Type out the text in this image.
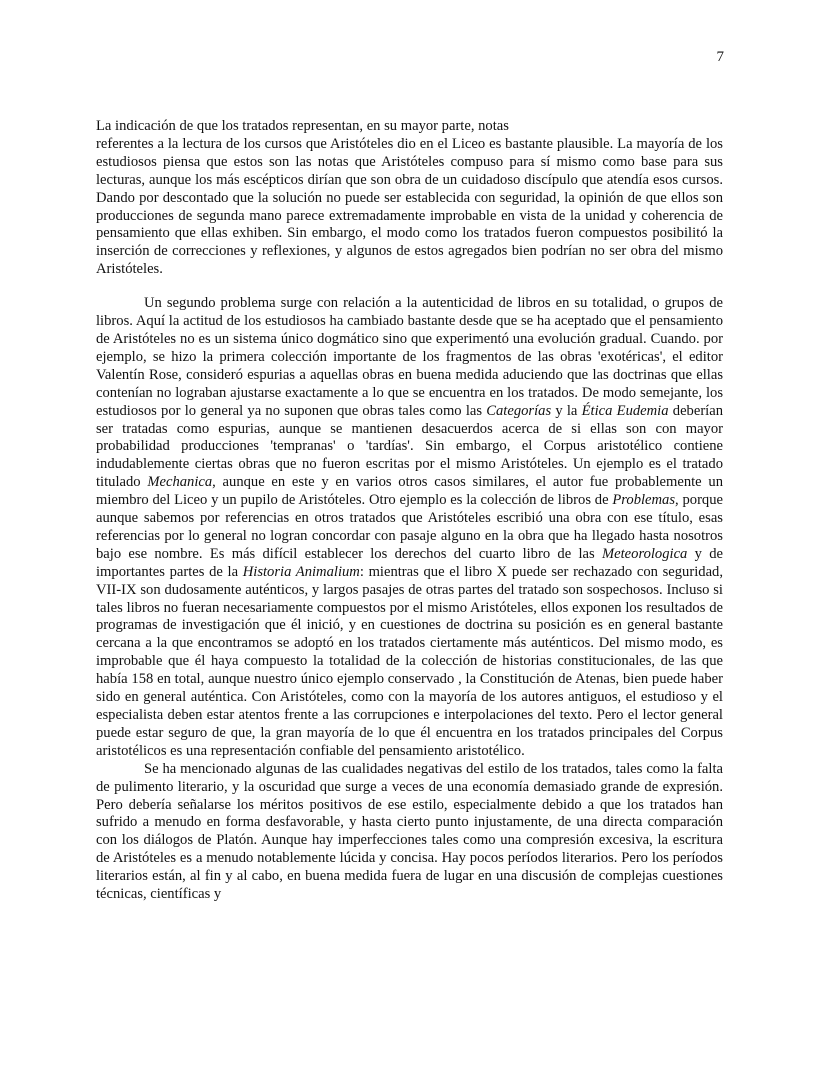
7

La indicación de que los tratados representan, en su mayor parte, notas
referentes a la lectura de los cursos que Aristóteles dio en el Liceo es bastante plausible. La mayoría de los estudiosos piensa que estos son las notas que Aristóteles compuso para sí mismo como base para sus lecturas, aunque los más escépticos dirían que son obra de un cuidadoso discípulo que atendía esos cursos. Dando por descontado que la solución no puede ser establecida con seguridad, la opinión de que ellos son producciones de segunda mano parece extremadamente improbable en vista de la unidad y coherencia de pensamiento que ellas exhiben. Sin embargo, el modo como los tratados fueron compuestos posibilitó la inserción de correcciones y reflexiones, y algunos de estos agregados bien podrían no ser obra del mismo Aristóteles.

Un segundo problema surge con relación a la autenticidad de libros en su totalidad, o grupos de libros. Aquí la actitud de los estudiosos ha cambiado bastante desde que se ha aceptado que el pensamiento de Aristóteles no es un sistema único dogmático sino que experimentó una evolución gradual. Cuando. por ejemplo, se hizo la primera colección importante de los fragmentos de las obras 'exotéricas', el editor Valentín Rose, consideró espurias a aquellas obras en buena medida aduciendo que las doctrinas que ellas contenían no lograban ajustarse exactamente a lo que se encuentra en los tratados. De modo semejante, los estudiosos por lo general ya no suponen que obras tales como las Categorías y la Ética Eudemia deberían ser tratadas como espurias, aunque se mantienen desacuerdos acerca de si ellas son con mayor probabilidad producciones 'tempranas' o 'tardías'. Sin embargo, el Corpus aristotélico contiene indudablemente ciertas obras que no fueron escritas por el mismo Aristóteles. Un ejemplo es el tratado titulado Mechanica, aunque en este y en varios otros casos similares, el autor fue probablemente un miembro del Liceo y un pupilo de Aristóteles. Otro ejemplo es la colección de libros de Problemas, porque aunque sabemos por referencias en otros tratados que Aristóteles escribió una obra con ese título, esas referencias por lo general no logran concordar con pasaje alguno en la obra que ha llegado hasta nosotros bajo ese nombre. Es más difícil establecer los derechos del cuarto libro de las Meteorologica y de importantes partes de la Historia Animalium: mientras que el libro X puede ser rechazado con seguridad, VII-IX son dudosamente auténticos, y largos pasajes de otras partes del tratado son sospechosos. Incluso si tales libros no fueran necesariamente compuestos por el mismo Aristóteles, ellos exponen los resultados de programas de investigación que él inició, y en cuestiones de doctrina su posición es en general bastante cercana a la que encontramos se adoptó en los tratados ciertamente más auténticos. Del mismo modo, es improbable que él haya compuesto la totalidad de la colección de historias constitucionales, de las que había 158 en total, aunque nuestro único ejemplo conservado , la Constitución de Atenas, bien puede haber sido en general auténtica. Con Aristóteles, como con la mayoría de los autores antiguos, el estudioso y el especialista deben estar atentos frente a las corrupciones e interpolaciones del texto. Pero el lector general puede estar seguro de que, la gran mayoría de lo que él encuentra en los tratados principales del Corpus aristotélicos es una representación confiable del pensamiento aristotélico.

Se ha mencionado algunas de las cualidades negativas del estilo de los tratados, tales como la falta de pulimento literario, y la oscuridad que surge a veces de una economía demasiado grande de expresión. Pero debería señalarse los méritos positivos de ese estilo, especialmente debido a que los tratados han sufrido a menudo en forma desfavorable, y hasta cierto punto injustamente, de una directa comparación con los diálogos de Platón. Aunque hay imperfecciones tales como una compresión excesiva, la escritura de Aristóteles es a menudo notablemente lúcida y concisa. Hay pocos períodos literarios. Pero los períodos literarios están, al fin y al cabo, en buena medida fuera de lugar en una discusión de complejas cuestiones técnicas, científicas y
